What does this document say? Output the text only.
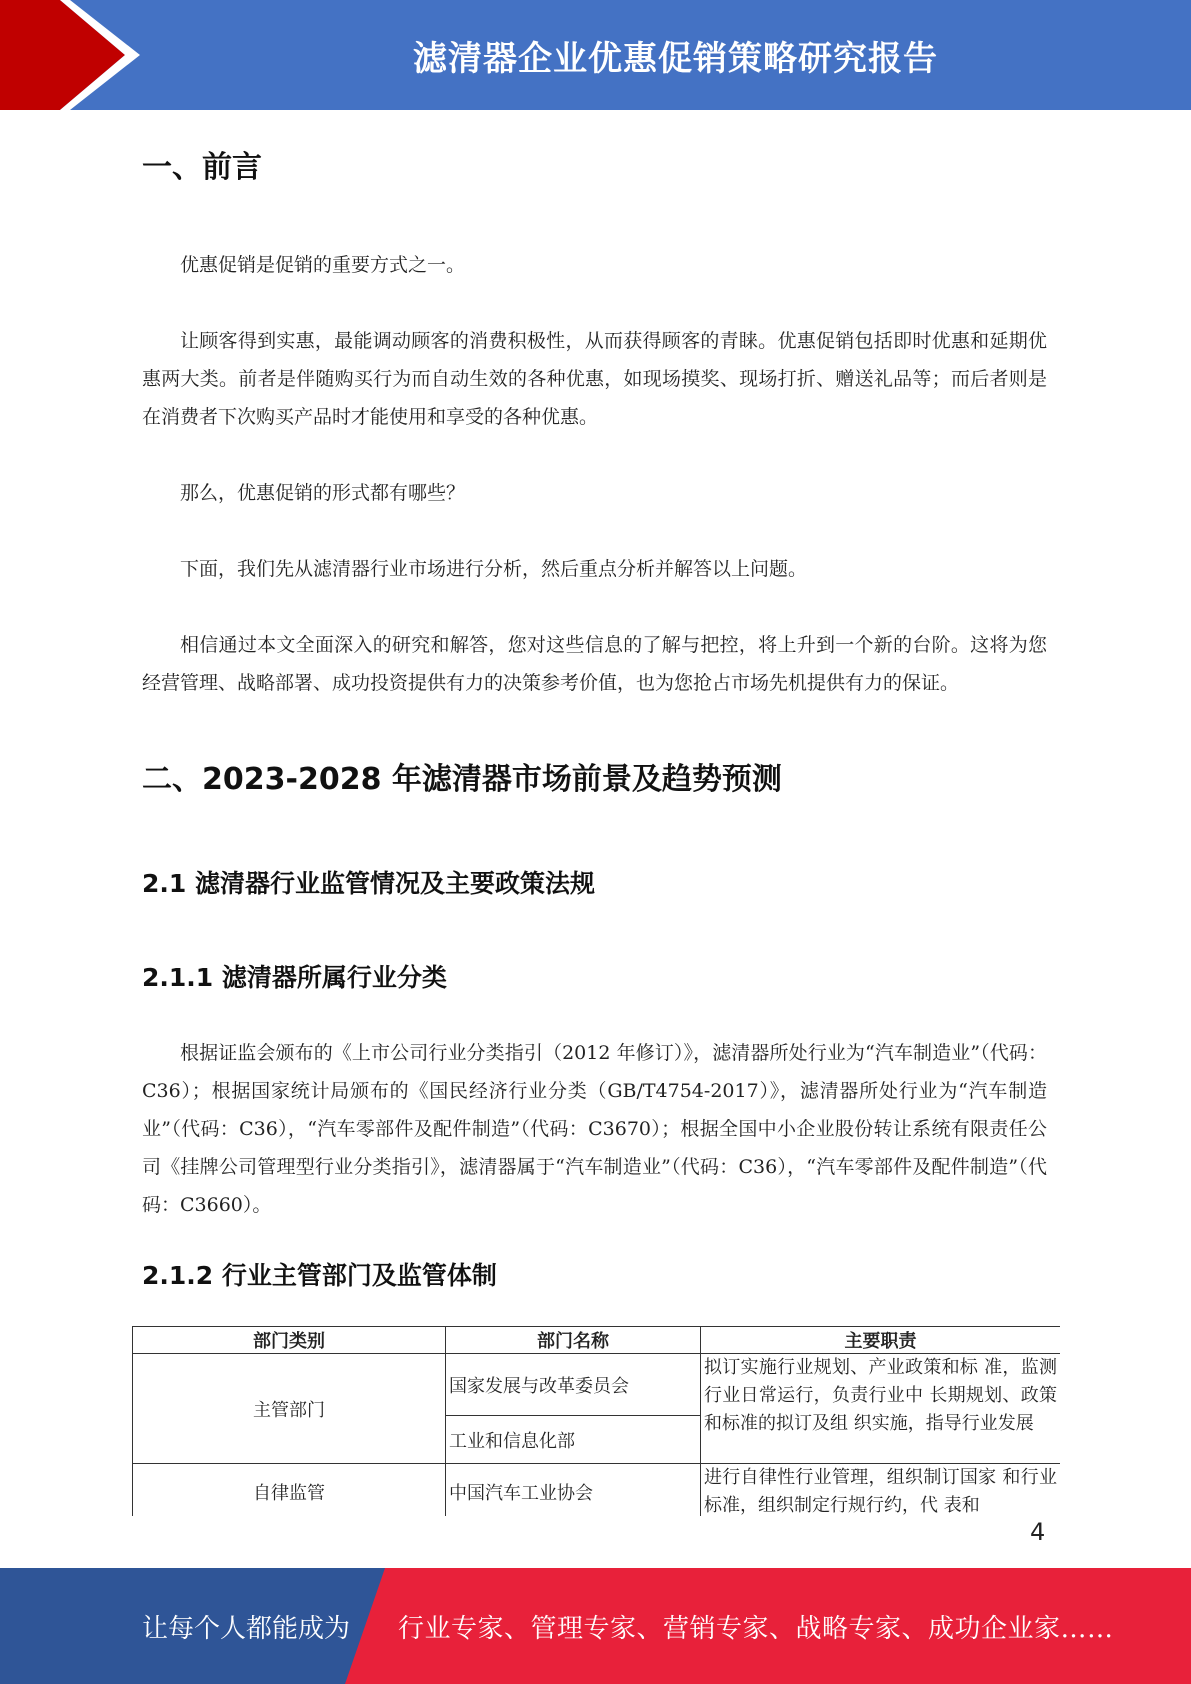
滤清器企业优惠促销策略研究报告
一、前言

优惠促销是促销的重要方式之一。

让顾客得到实惠，最能调动顾客的消费积极性，从而获得顾客的青睐。优惠促销包括即时优惠和延期优惠两大类。前者是伴随购买行为而自动生效的各种优惠，如现场摸奖、现场打折、赠送礼品等；而后者则是在消费者下次购买产品时才能使用和享受的各种优惠。

那么，优惠促销的形式都有哪些？

下面，我们先从滤清器行业市场进行分析，然后重点分析并解答以上问题。

相信通过本文全面深入的研究和解答，您对这些信息的了解与把控，将上升到一个新的台阶。这将为您经营管理、战略部署、成功投资提供有力的决策参考价值，也为您抢占市场先机提供有力的保证。

二、2023-2028 年滤清器市场前景及趋势预测
2.1 滤清器行业监管情况及主要政策法规
2.1.1 滤清器所属行业分类

根据证监会颁布的《上市公司行业分类指引（2012 年修订）》，滤清器所处行业为“汽车制造业”（代码：C36）；根据国家统计局颁布的《国民经济行业分类（GB/T4754-2017）》，滤清器所处行业为“汽车制造业”（代码：C36），“汽车零部件及配件制造”（代码：C3670）；根据全国中小企业股份转让系统有限责任公司《挂牌公司管理型行业分类指引》，滤清器属于“汽车制造业”（代码：C36），“汽车零部件及配件制造”（代码：C3660）。

2.1.2 行业主管部门及监管体制
部门类别	部门名称	主要职责
主管部门	国家发展与改革委员会	拟订实施行业规划、产业政策和标 准，监测行业日常运行，负责行业中 长期规划、政策和标准的拟订及组 织实施，指导行业发展
	工业和信息化部	
自律监管	中国汽车工业协会	进行自律性行业管理，组织制订国家 和行业标准，组织制定行规行约，代 表和
4
让每个人都能成为 行业专家、管理专家、营销专家、战略专家、成功企业家……
